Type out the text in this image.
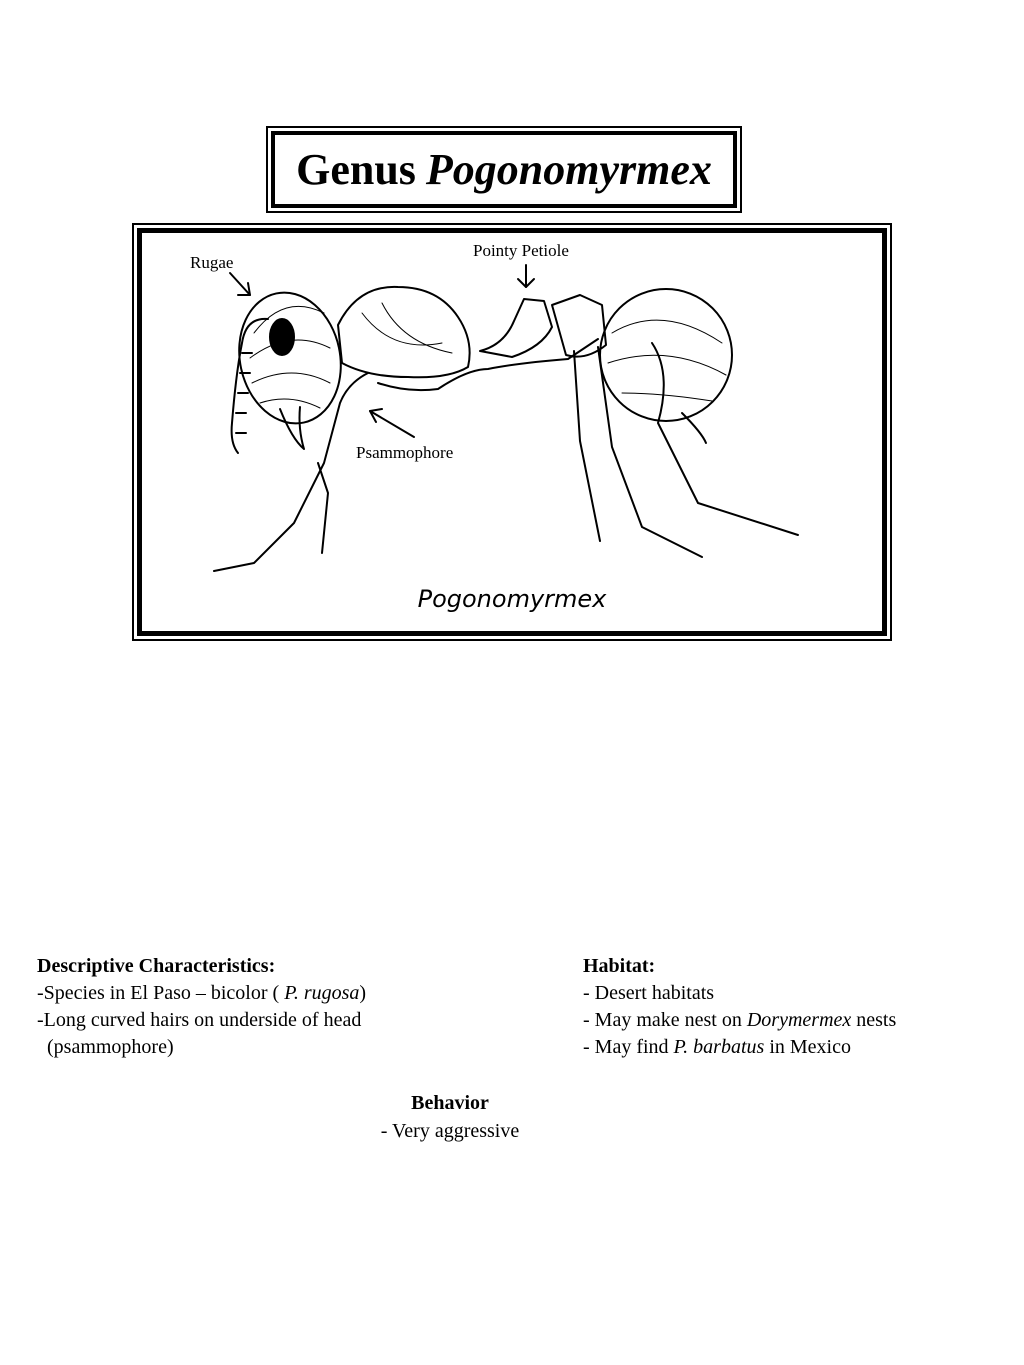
Genus Pogonomyrmex
Rugae
Pointy Petiole
Psammophore
Pogonomyrmex
Descriptive Characteristics:
-Species in El Paso – bicolor ( P. rugosa)
-Long curved hairs on underside of head
(psammophore)
Habitat:
- Desert habitats
- May make nest on Dorymermex nests
- May find P. barbatus in Mexico
Behavior
- Very aggressive
